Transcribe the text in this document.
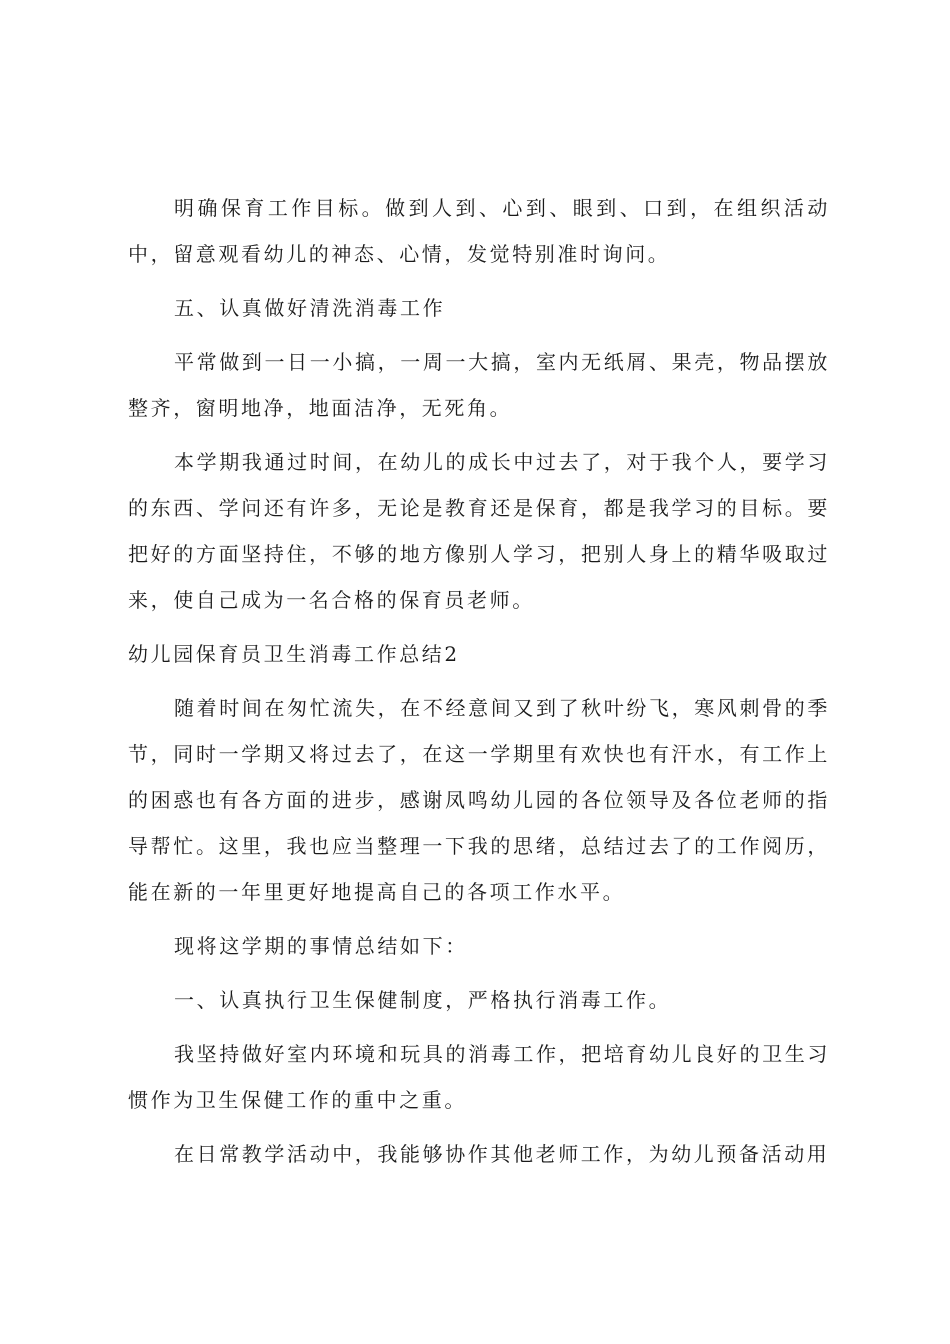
明确保育工作目标。做到人到、心到、眼到、口到，在组织活动中，留意观看幼儿的神态、心情，发觉特别准时询问。

五、认真做好清洗消毒工作

平常做到一日一小搞，一周一大搞，室内无纸屑、果壳，物品摆放整齐，窗明地净，地面洁净，无死角。

本学期我通过时间，在幼儿的成长中过去了，对于我个人，要学习的东西、学问还有许多，无论是教育还是保育，都是我学习的目标。要把好的方面坚持住，不够的地方像别人学习，把别人身上的精华吸取过来，使自己成为一名合格的保育员老师。

幼儿园保育员卫生消毒工作总结2

随着时间在匆忙流失，在不经意间又到了秋叶纷飞，寒风刺骨的季节，同时一学期又将过去了，在这一学期里有欢快也有汗水，有工作上的困惑也有各方面的进步，感谢凤鸣幼儿园的各位领导及各位老师的指导帮忙。这里，我也应当整理一下我的思绪，总结过去了的工作阅历，能在新的一年里更好地提高自己的各项工作水平。

现将这学期的事情总结如下：

一、认真执行卫生保健制度，严格执行消毒工作。

我坚持做好室内环境和玩具的消毒工作，把培育幼儿良好的卫生习惯作为卫生保健工作的重中之重。

在日常教学活动中，我能够协作其他老师工作，为幼儿预备活动用
